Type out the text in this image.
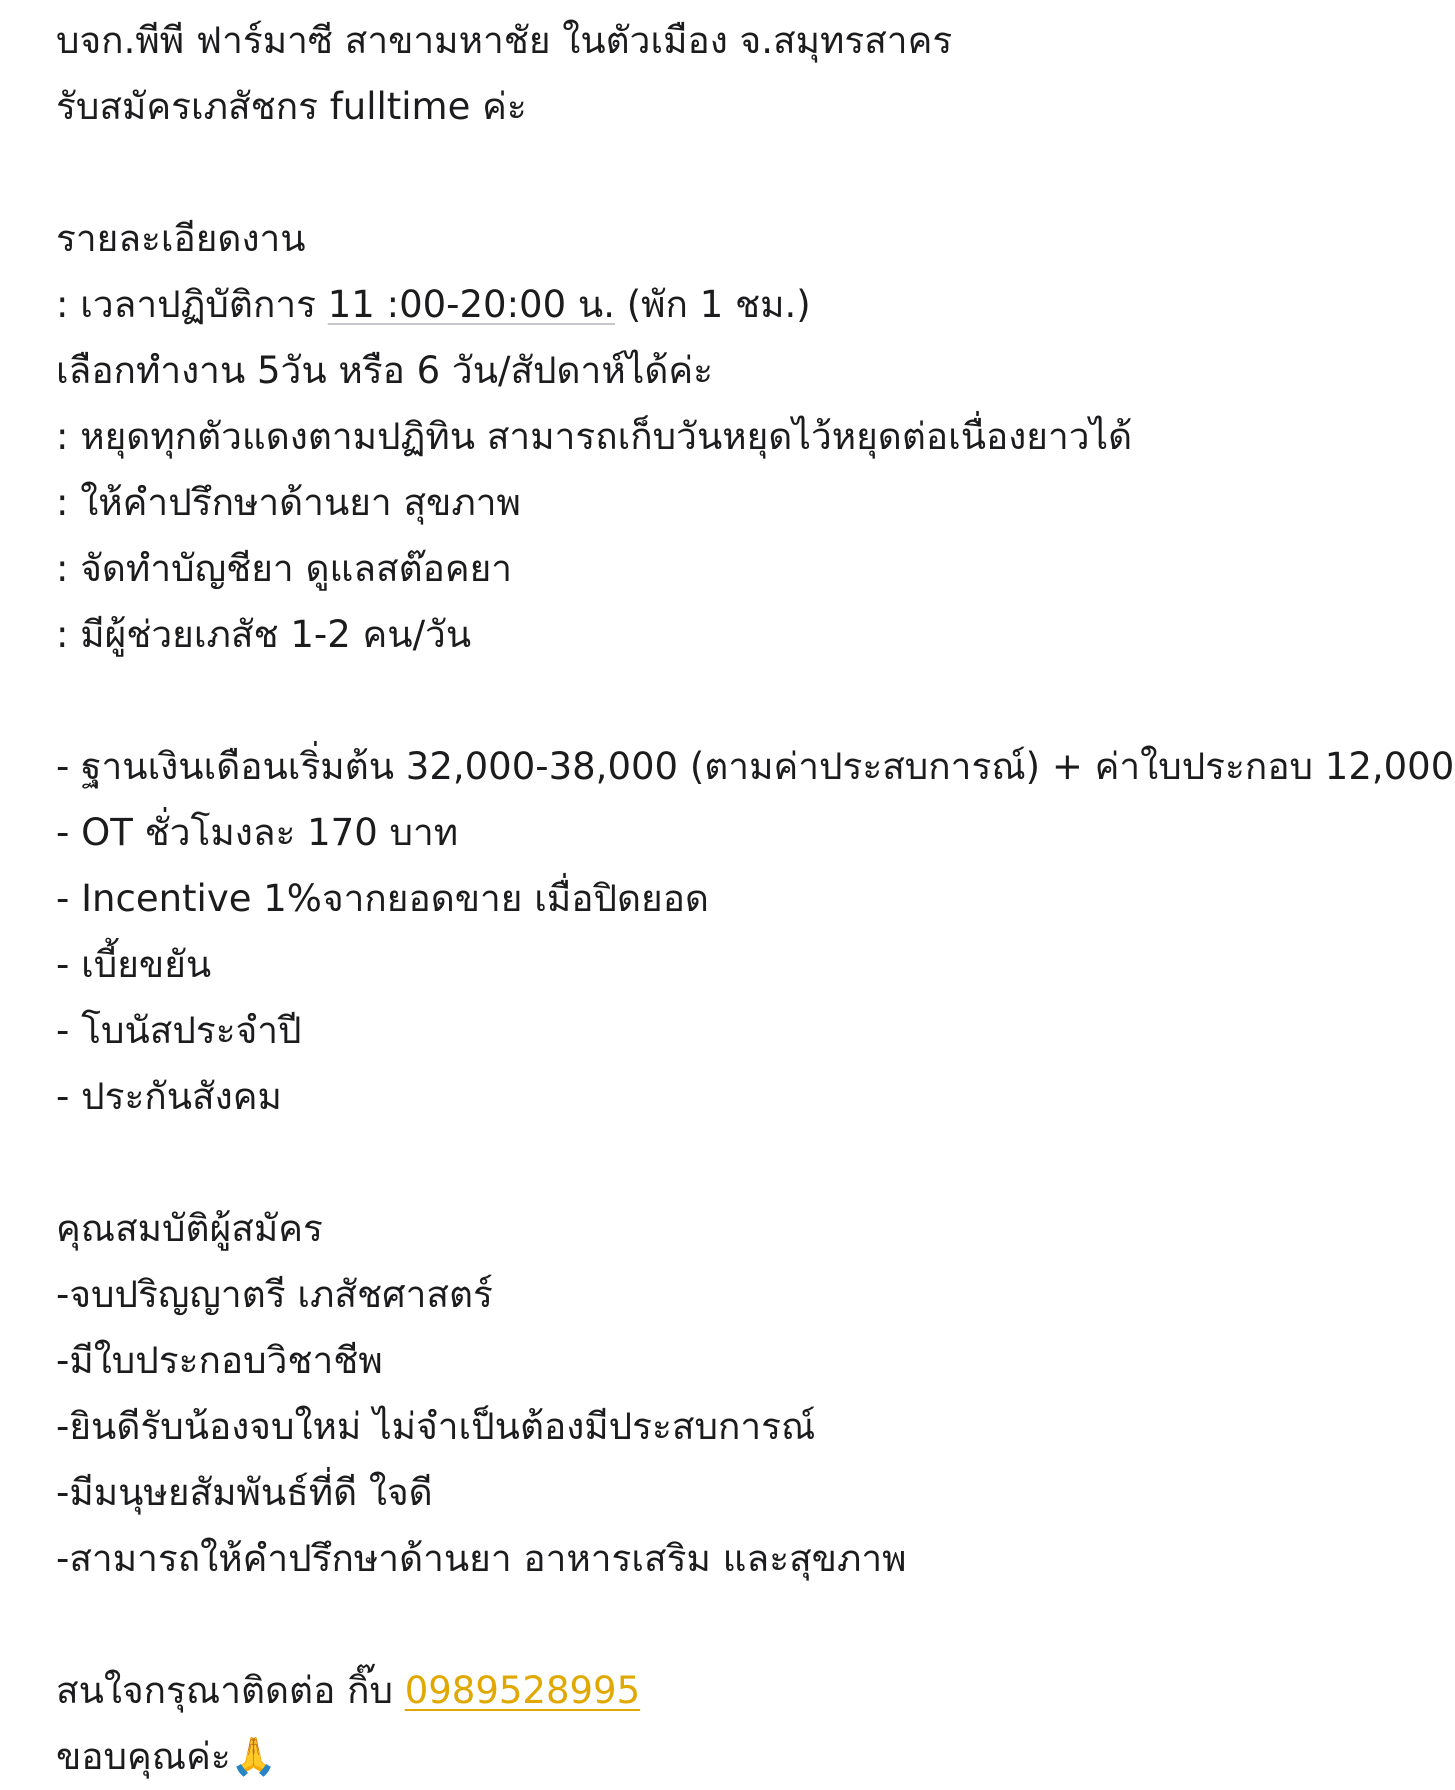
บจก.พีพี ฟาร์มาซี สาขามหาชัย ในตัวเมือง จ.สมุทรสาคร
รับสมัครเภสัชกร fulltime ค่ะ
รายละเอียดงาน
: เวลาปฏิบัติการ 11 :00-20:00 น. (พัก 1 ชม.)
เลือกทำงาน 5วัน หรือ 6 วัน/สัปดาห์ได้ค่ะ
: หยุดทุกตัวแดงตามปฏิทิน สามารถเก็บวันหยุดไว้หยุดต่อเนื่องยาวได้
: ให้คำปรึกษาด้านยา สุขภาพ
: จัดทำบัญชียา ดูแลสต๊อคยา
: มีผู้ช่วยเภสัช 1-2 คน/วัน
- ฐานเงินเดือนเริ่มต้น 32,000-38,000 (ตามค่าประสบการณ์) + ค่าใบประกอบ 12,000
- OT ชั่วโมงละ 170 บาท
- Incentive 1%จากยอดขาย เมื่อปิดยอด
- เบี้ยขยัน
- โบนัสประจำปี
- ประกันสังคม
คุณสมบัติผู้สมัคร
-จบปริญญาตรี เภสัชศาสตร์
-มีใบประกอบวิชาชีพ
-ยินดีรับน้องจบใหม่ ไม่จำเป็นต้องมีประสบการณ์
-มีมนุษยสัมพันธ์ที่ดี ใจดี
-สามารถให้คำปรึกษาด้านยา อาหารเสริม และสุขภาพ
สนใจกรุณาติดต่อ กิ๊บ 0989528995
ขอบคุณค่ะ🙏
